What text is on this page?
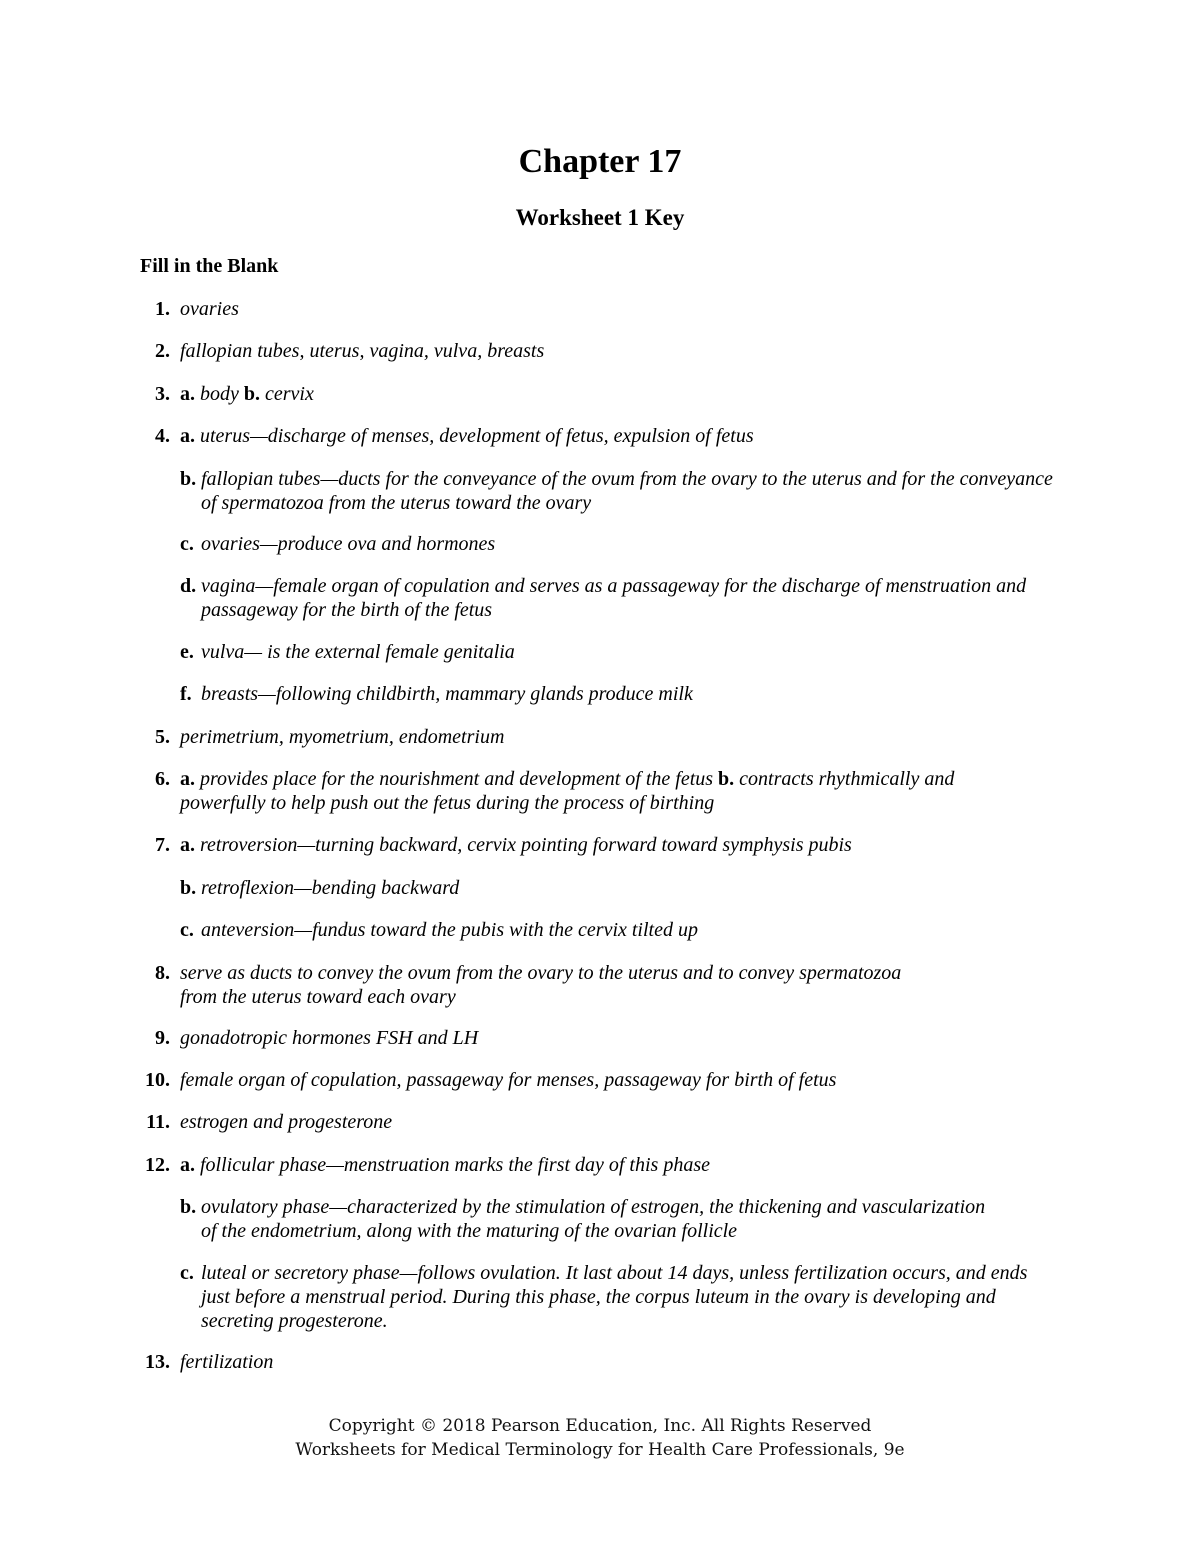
Chapter 17
Worksheet 1 Key
Fill in the Blank
1. ovaries
2. fallopian tubes, uterus, vagina, vulva, breasts
3. a. body b. cervix
4. a. uterus—discharge of menses, development of fetus, expulsion of fetus
b. fallopian tubes—ducts for the conveyance of the ovum from the ovary to the uterus and for the conveyance of spermatozoa from the uterus toward the ovary
c. ovaries—produce ova and hormones
d. vagina—female organ of copulation and serves as a passageway for the discharge of menstruation and passageway for the birth of the fetus
e. vulva— is the external female genitalia
f. breasts—following childbirth, mammary glands produce milk
5. perimetrium, myometrium, endometrium
6. a. provides place for the nourishment and development of the fetus b. contracts rhythmically and powerfully to help push out the fetus during the process of birthing
7. a. retroversion—turning backward, cervix pointing forward toward symphysis pubis
b. retroflexion—bending backward
c. anteversion—fundus toward the pubis with the cervix tilted up
8. serve as ducts to convey the ovum from the ovary to the uterus and to convey spermatozoa from the uterus toward each ovary
9. gonadotropic hormones FSH and LH
10. female organ of copulation, passageway for menses, passageway for birth of fetus
11. estrogen and progesterone
12. a. follicular phase—menstruation marks the first day of this phase
b. ovulatory phase—characterized by the stimulation of estrogen, the thickening and vascularization of the endometrium, along with the maturing of the ovarian follicle
c. luteal or secretory phase—follows ovulation. It last about 14 days, unless fertilization occurs, and ends just before a menstrual period. During this phase, the corpus luteum in the ovary is developing and secreting progesterone.
13. fertilization
Copyright © 2018 Pearson Education, Inc. All Rights Reserved
Worksheets for Medical Terminology for Health Care Professionals, 9e
